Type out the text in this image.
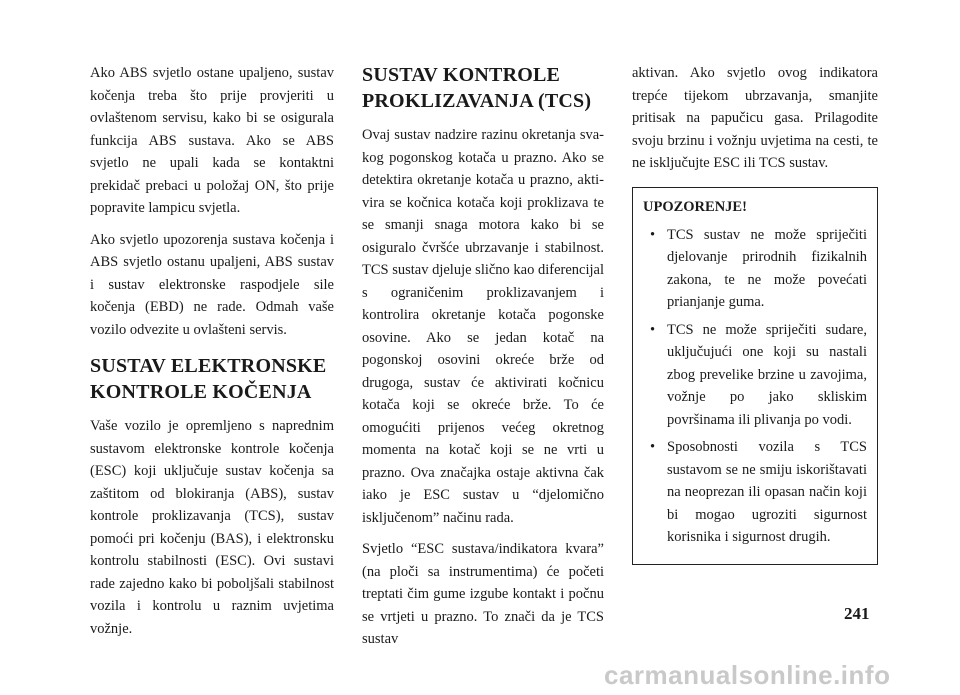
Ako ABS svjetlo ostane upaljeno, sustav kočenja treba što prije provjeriti u ovlaštenom servisu, kako bi se osigurala funkcija ABS sustava. Ako se ABS svjetlo ne upali kada se kontaktni prekidač prebaci u položaj ON, što prije popravite lampicu svjetla.

Ako svjetlo upozorenja sustava kočenja i ABS svjetlo ostanu upaljeni, ABS sustav i sustav elektronske raspodjele sile kočenja (EBD) ne rade. Odmah vaše vozilo odvezite u ovlašteni servis.

SUSTAV ELEKTRONSKE KONTROLE KOČENJA

Vaše vozilo je opremljeno s naprednim sustavom elektronske kontrole kočenja (ESC) koji uključuje sustav kočenja sa zaštitom od blokiranja (ABS), sustav kontrole proklizavanja (TCS), sustav pomoći pri kočenju (BAS), i elektronsku kontrolu stabilnosti (ESC). Ovi sustavi rade zajedno kako bi poboljšali stabilnost vozila i kontrolu u raznim uvjetima vožnje.

SUSTAV KONTROLE PROKLIZAVANJA (TCS)

Ovaj sustav nadzire razinu okretanja svakog pogonskog kotača u prazno. Ako se detektira okretanje kotača u prazno, aktivira se kočnica kotača koji proklizava te se smanji snaga motora kako bi se osiguralo čvršće ubrzavanje i stabilnost. TCS sustav djeluje slično kao diferencijal s ograničenim proklizavanjem i kontrolira okretanje kotača pogonske osovine. Ako se jedan kotač na pogonskoj osovini okreće brže od drugoga, sustav će aktivirati kočnicu kotača koji se okreće brže. To će omogućiti prijenos većeg okretnog momenta na kotač koji se ne vrti u prazno. Ova značajka ostaje aktivna čak iako je ESC sustav u “djelomično isključenom” načinu rada.

Svjetlo “ESC sustava/indikatora kvara” (na ploči sa instrumentima) će početi treptati čim gume izgube kontakt i počnu se vrtjeti u prazno. To znači da je TCS sustav

aktivan. Ako svjetlo ovog indikatora trepće tijekom ubrzavanja, smanjite pritisak na papučicu gasa. Prilagodite svoju brzinu i vožnju uvjetima na cesti, te ne isključujte ESC ili TCS sustav.

UPOZORENJE!
• TCS sustav ne može spriječiti djelovanje prirodnih fizikalnih zakona, te ne može povećati prianjanje guma.
• TCS ne može spriječiti sudare, uključujući one koji su nastali zbog prevelike brzine u zavojima, vožnje po jako skliskim površinama ili plivanja po vodi.
• Sposobnosti vozila s TCS sustavom se ne smiju iskorištavati na neoprezan ili opasan način koji bi mogao ugroziti sigurnost korisnika i sigurnost drugih.
241
carmanualsonline.info
